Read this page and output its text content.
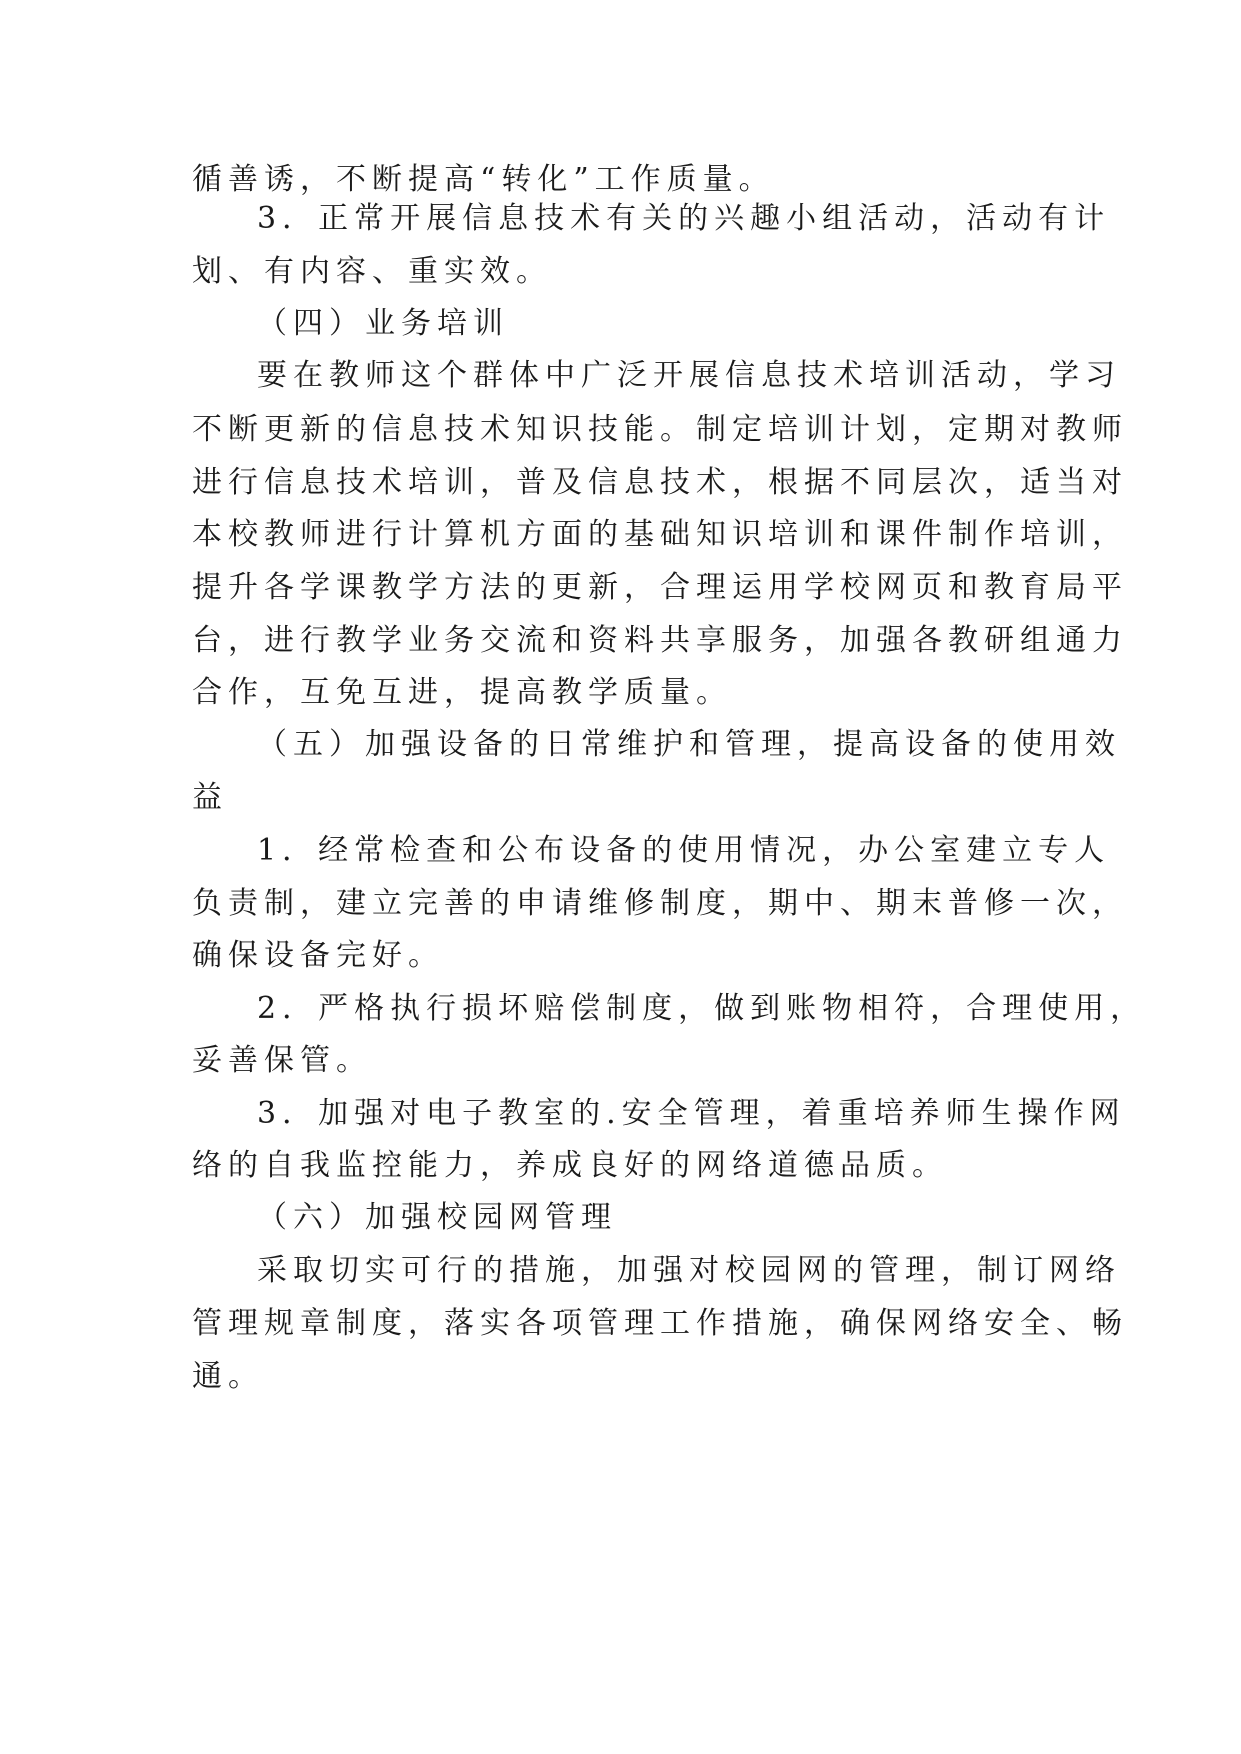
循善诱，不断提高“转化”工作质量。
3．正常开展信息技术有关的兴趣小组活动，活动有计
划、有内容、重实效。
（四）业务培训
要在教师这个群体中广泛开展信息技术培训活动，学习
不断更新的信息技术知识技能。制定培训计划，定期对教师
进行信息技术培训，普及信息技术，根据不同层次，适当对
本校教师进行计算机方面的基础知识培训和课件制作培训，
提升各学课教学方法的更新，合理运用学校网页和教育局平
台，进行教学业务交流和资料共享服务，加强各教研组通力
合作，互免互进，提高教学质量。
（五）加强设备的日常维护和管理，提高设备的使用效
益
1．经常检查和公布设备的使用情况，办公室建立专人
负责制，建立完善的申请维修制度，期中、期末普修一次，
确保设备完好。
2．严格执行损坏赔偿制度，做到账物相符，合理使用，
妥善保管。
3．加强对电子教室的.安全管理，着重培养师生操作网
络的自我监控能力，养成良好的网络道德品质。
（六）加强校园网管理
采取切实可行的措施，加强对校园网的管理，制订网络
管理规章制度，落实各项管理工作措施，确保网络安全、畅
通。
